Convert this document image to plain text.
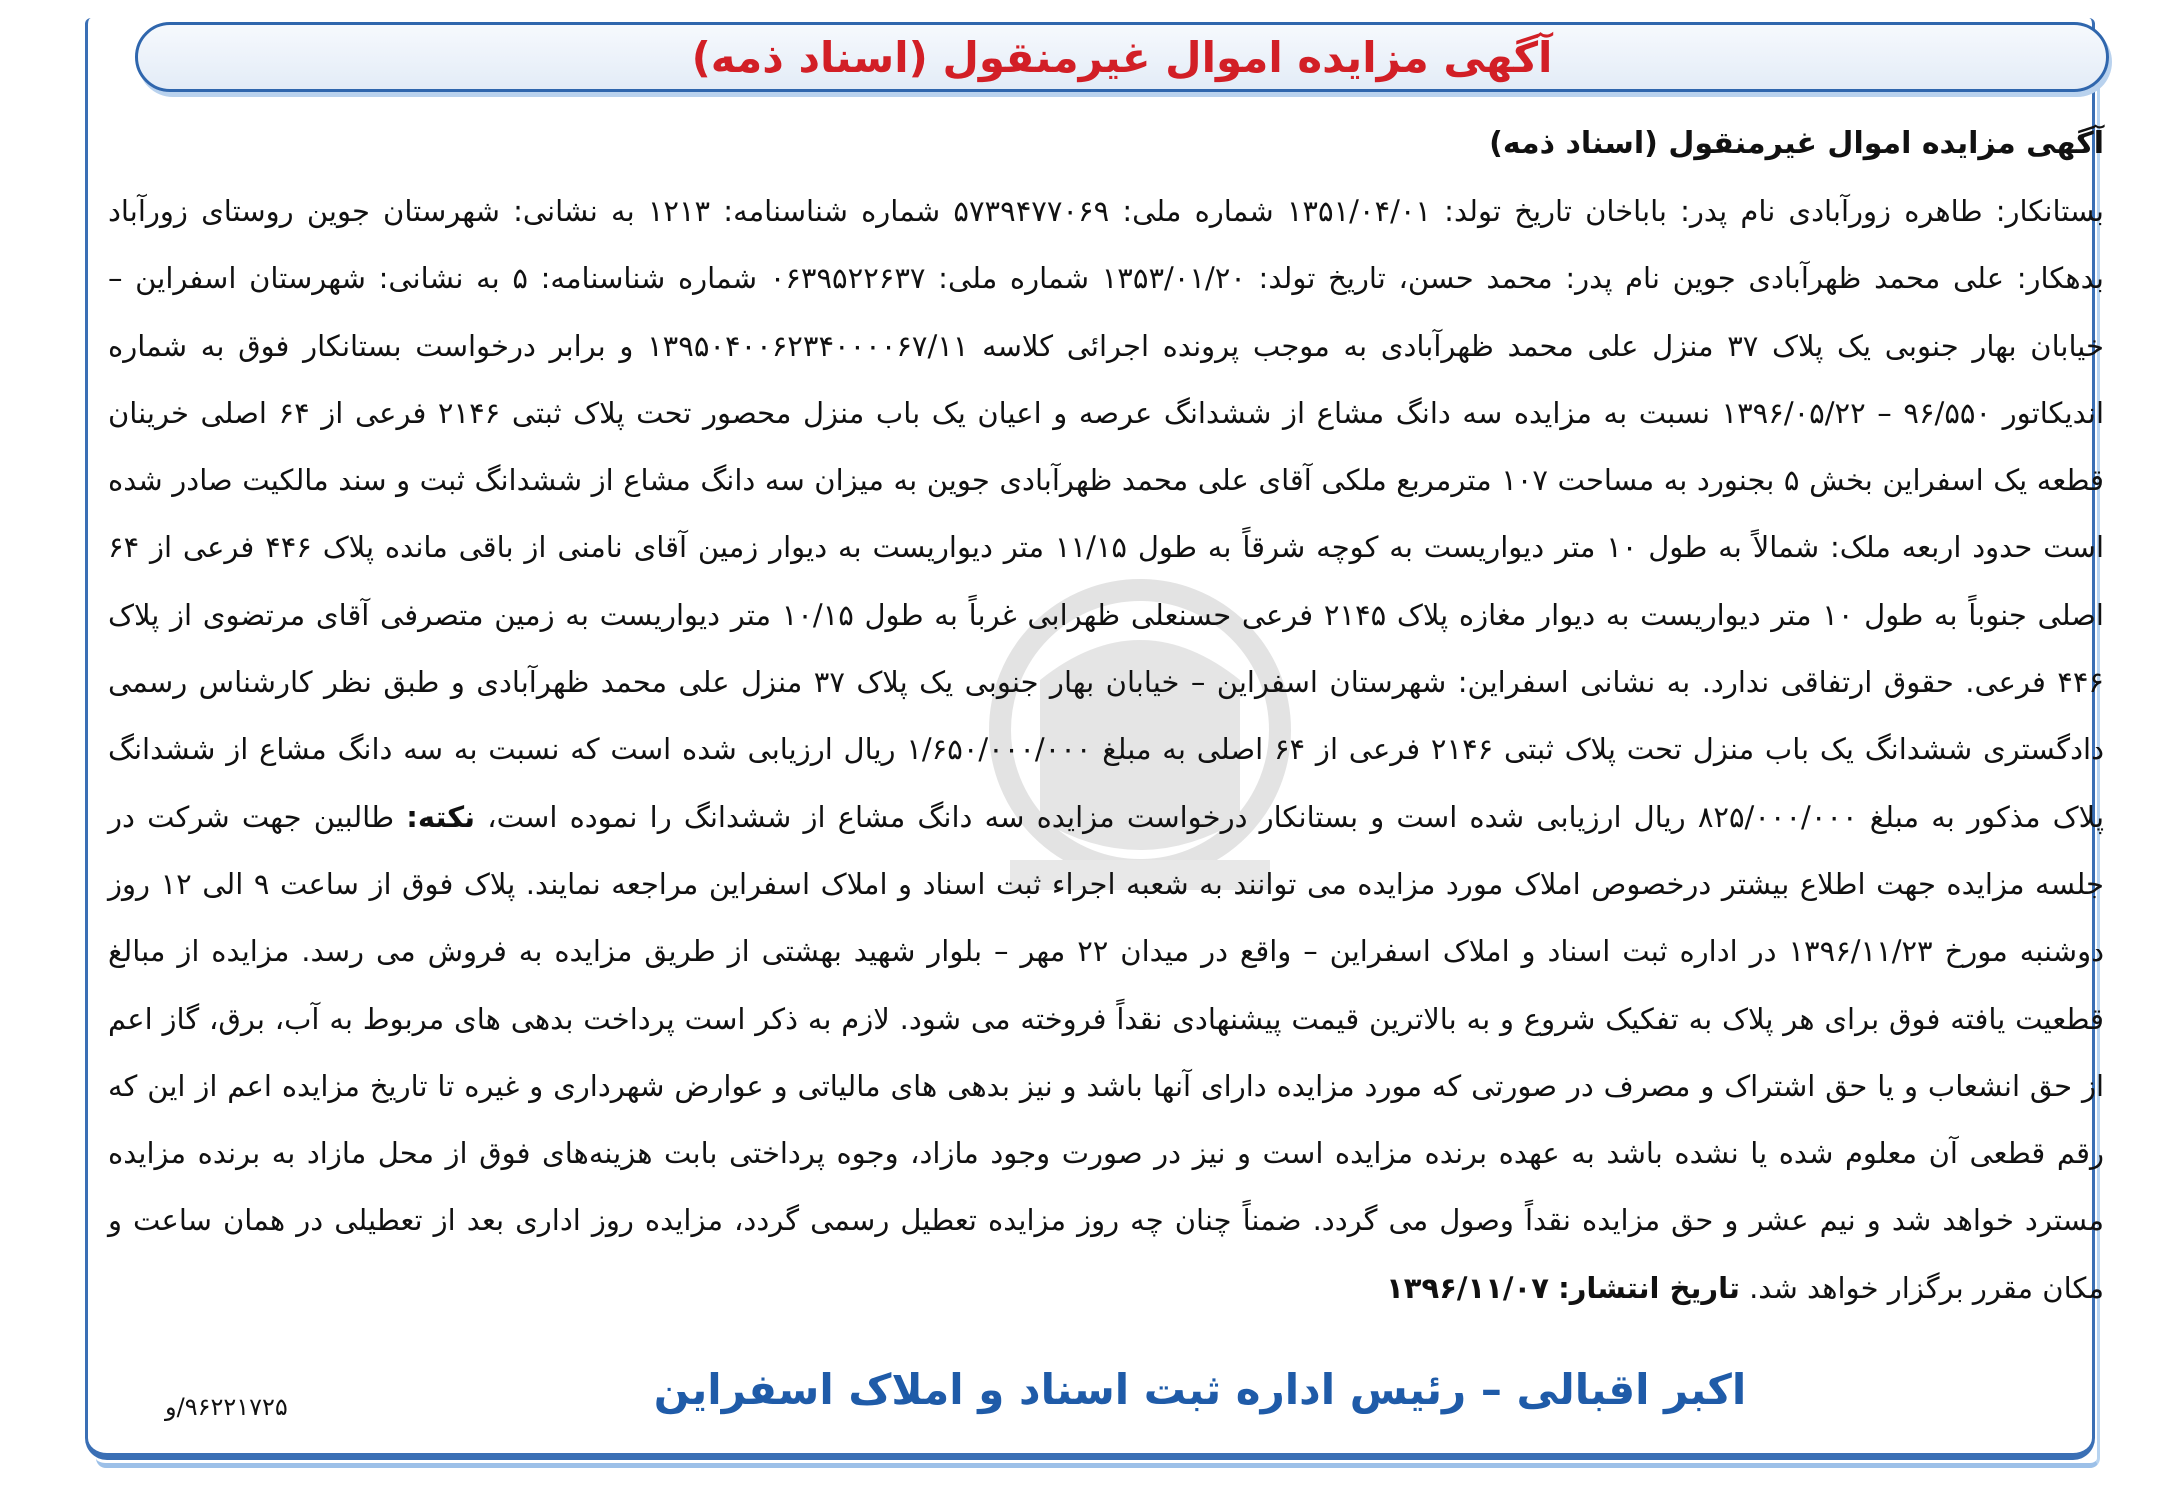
آگهی مزایده اموال غیرمنقول (اسناد ذمه)
آگهی مزایده اموال غیرمنقول (اسناد ذمه)

بستانکار: طاهره زورآبادی نام پدر: باباخان تاریخ تولد: ۱۳۵۱/۰۴/۰۱ شماره ملی: ۵۷۳۹۴۷۷۰۶۹ شماره شناسنامه: ۱۲۱۳ به نشانی: شهرستان جوین روستای زورآباد بدهکار: علی محمد ظهرآبادی جوین نام پدر: محمد حسن، تاریخ تولد: ۱۳۵۳/۰۱/۲۰ شماره ملی: ۰۶۳۹۵۲۲۶۳۷ شماره شناسنامه: ۵ به نشانی: شهرستان اسفراین – خیابان بهار جنوبی یک پلاک ۳۷ منزل علی محمد ظهرآبادی به موجب پرونده اجرائی کلاسه ۱۳۹۵۰۴۰۰۶۲۳۴۰۰۰۰۶۷/۱۱ و برابر درخواست بستانکار فوق به شماره اندیکاتور ۹۶/۵۵۰ – ۱۳۹۶/۰۵/۲۲ نسبت به مزایده سه دانگ مشاع از ششدانگ عرصه و اعیان یک باب منزل محصور تحت پلاک ثبتی ۲۱۴۶ فرعی از ۶۴ اصلی خرینان قطعه یک اسفراین بخش ۵ بجنورد به مساحت ۱۰۷ مترمربع ملکی آقای علی محمد ظهرآبادی جوین به میزان سه دانگ مشاع از ششدانگ ثبت و سند مالکیت صادر شده است حدود اربعه ملک: شمالاً به طول ۱۰ متر دیواریست به کوچه شرقاً به طول ۱۱/۱۵ متر دیواریست به دیوار زمین آقای نامنی از باقی مانده پلاک ۴۴۶ فرعی از ۶۴ اصلی جنوباً به طول ۱۰ متر دیواریست به دیوار مغازه پلاک ۲۱۴۵ فرعی حسنعلی ظهرابی غرباً به طول ۱۰/۱۵ متر دیواریست به زمین متصرفی آقای مرتضوی از پلاک ۴۴۶ فرعی. حقوق ارتفاقی ندارد. به نشانی اسفراین: شهرستان اسفراین – خیابان بهار جنوبی یک پلاک ۳۷ منزل علی محمد ظهرآبادی و طبق نظر کارشناس رسمی دادگستری ششدانگ یک باب منزل تحت پلاک ثبتی ۲۱۴۶ فرعی از ۶۴ اصلی به مبلغ ۱/۶۵۰/۰۰۰/۰۰۰ ریال ارزیابی شده است که نسبت به سه دانگ مشاع از ششدانگ پلاک مذکور به مبلغ ۸۲۵/۰۰۰/۰۰۰ ریال ارزیابی شده است و بستانکار درخواست مزایده سه دانگ مشاع از ششدانگ را نموده است، نکته: طالبین جهت شرکت در جلسه مزایده جهت اطلاع بیشتر درخصوص املاک مورد مزایده می توانند به شعبه اجراء ثبت اسناد و املاک اسفراین مراجعه نمایند. پلاک فوق از ساعت ۹ الی ۱۲ روز دوشنبه مورخ ۱۳۹۶/۱۱/۲۳ در اداره ثبت اسناد و املاک اسفراین – واقع در میدان ۲۲ مهر – بلوار شهید بهشتی از طریق مزایده به فروش می رسد. مزایده از مبالغ قطعیت یافته فوق برای هر پلاک به تفکیک شروع و به بالاترین قیمت پیشنهادی نقداً فروخته می شود. لازم به ذکر است پرداخت بدهی های مربوط به آب، برق، گاز اعم از حق انشعاب و یا حق اشتراک و مصرف در صورتی که مورد مزایده دارای آنها باشد و نیز بدهی های مالیاتی و عوارض شهرداری و غیره تا تاریخ مزایده اعم از این که رقم قطعی آن معلوم شده یا نشده باشد به عهده برنده مزایده است و نیز در صورت وجود مازاد، وجوه پرداختی بابت هزینه‌های فوق از محل مازاد به برنده مزایده مسترد خواهد شد و نیم عشر و حق مزایده نقداً وصول می گردد. ضمناً چنان چه روز مزایده تعطیل رسمی گردد، مزایده روز اداری بعد از تعطیلی در همان ساعت و مکان مقرر برگزار خواهد شد. تاریخ انتشار: ۱۳۹۶/۱۱/۰۷

اکبر اقبالی – رئیس اداره ثبت اسناد و املاک اسفراین
۹۶۲۲۱۷۲۵/و
